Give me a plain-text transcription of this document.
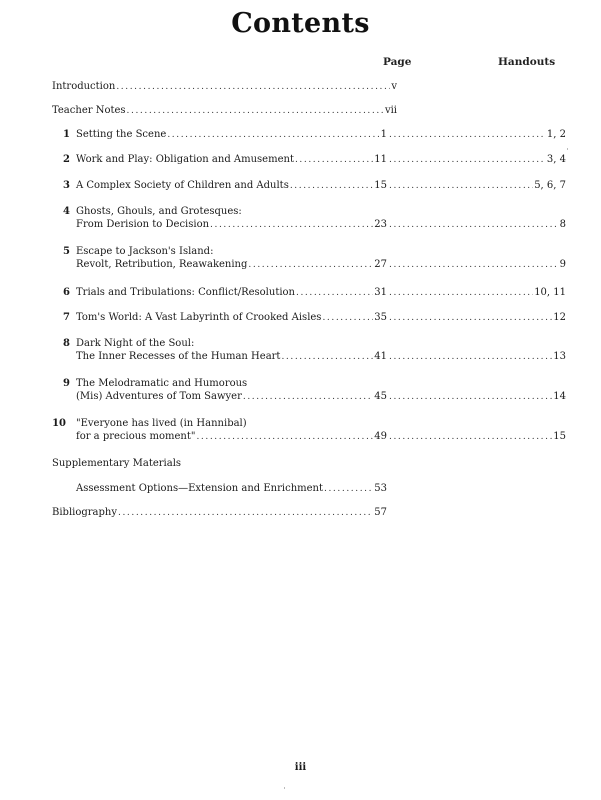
Contents
Page	Handouts
Introduction .....	v
Teacher Notes .....	vii
1 Setting the Scene .....	1 .....	1, 2
2 Work and Play: Obligation and Amusement .....	11 .....	3, 4
3 A Complex Society of Children and Adults .....	15 .....	5, 6, 7
4 Ghosts, Ghouls, and Grotesques:
From Derision to Decision .....	23 .....	8
5 Escape to Jackson's Island:
Revolt, Retribution, Reawakening .....	27 .....	9
6 Trials and Tribulations: Conflict/Resolution .....	31 .....	10, 11
7 Tom's World: A Vast Labyrinth of Crooked Aisles .....	35 .....	12
8 Dark Night of the Soul:
The Inner Recesses of the Human Heart .....	41 .....	13
9 The Melodramatic and Humorous
(Mis) Adventures of Tom Sawyer .....	45 .....	14
10 "Everyone has lived (in Hannibal)
for a precious moment" .....	49 .....	15
Supplementary Materials
Assessment Options—Extension and Enrichment .....	53
Bibliography .....	57
iii
